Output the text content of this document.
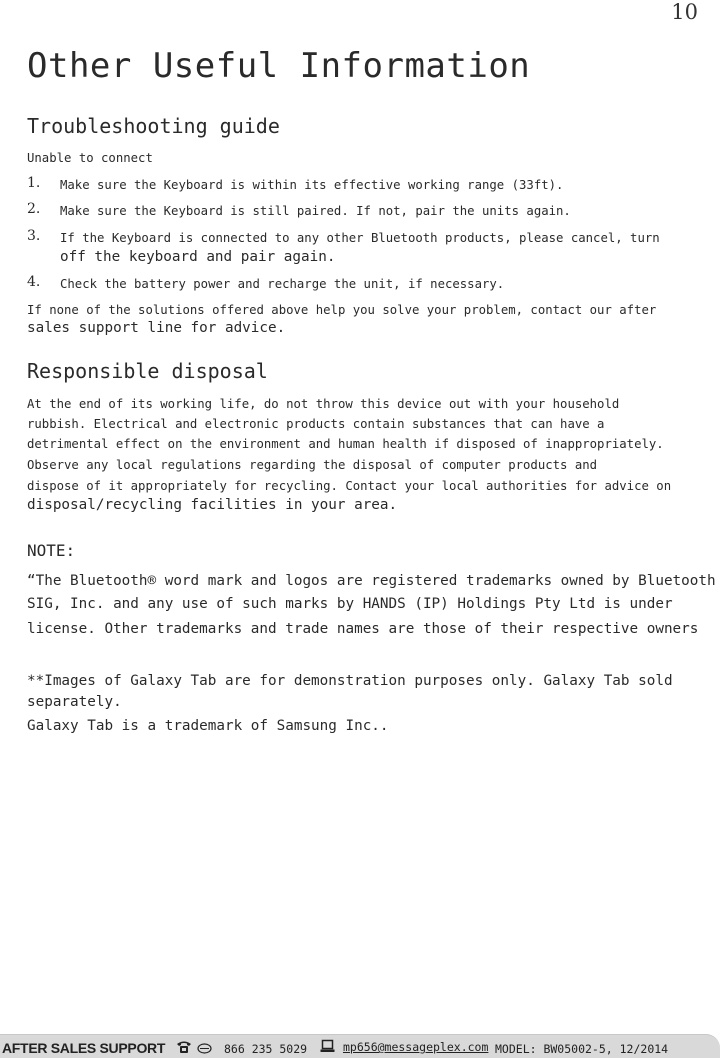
10
Other Useful Information
Troubleshooting guide
Unable to connect
1. Make sure the Keyboard is within its effective working range (33ft).
2. Make sure the Keyboard is still paired. If not, pair the units again.
3. If the Keyboard is connected to any other Bluetooth products, please cancel, turn
off the keyboard and pair again.
4. Check the battery power and recharge the unit, if necessary.
If none of the solutions offered above help you solve your problem, contact our after
sales support line for advice.
Responsible disposal
At the end of its working life, do not throw this device out with your household
rubbish. Electrical and electronic products contain substances that can have a
detrimental effect on the environment and human health if disposed of inappropriately.
Observe any local regulations regarding the disposal of computer products and
dispose of it appropriately for recycling. Contact your local authorities for advice on
disposal/recycling facilities in your area.
NOTE:
“The Bluetooth® word mark and logos are registered trademarks owned by Bluetooth
SIG, Inc. and any use of such marks by HANDS (IP) Holdings Pty Ltd is under
license. Other trademarks and trade names are those of their respective owners
**Images of Galaxy Tab are for demonstration purposes only. Galaxy Tab sold
separately.
Galaxy Tab is a trademark of Samsung Inc..
AFTER SALES SUPPORT	866 235 5029	mp656@messageplex.com MODEL: BW05002-5, 12/2014
